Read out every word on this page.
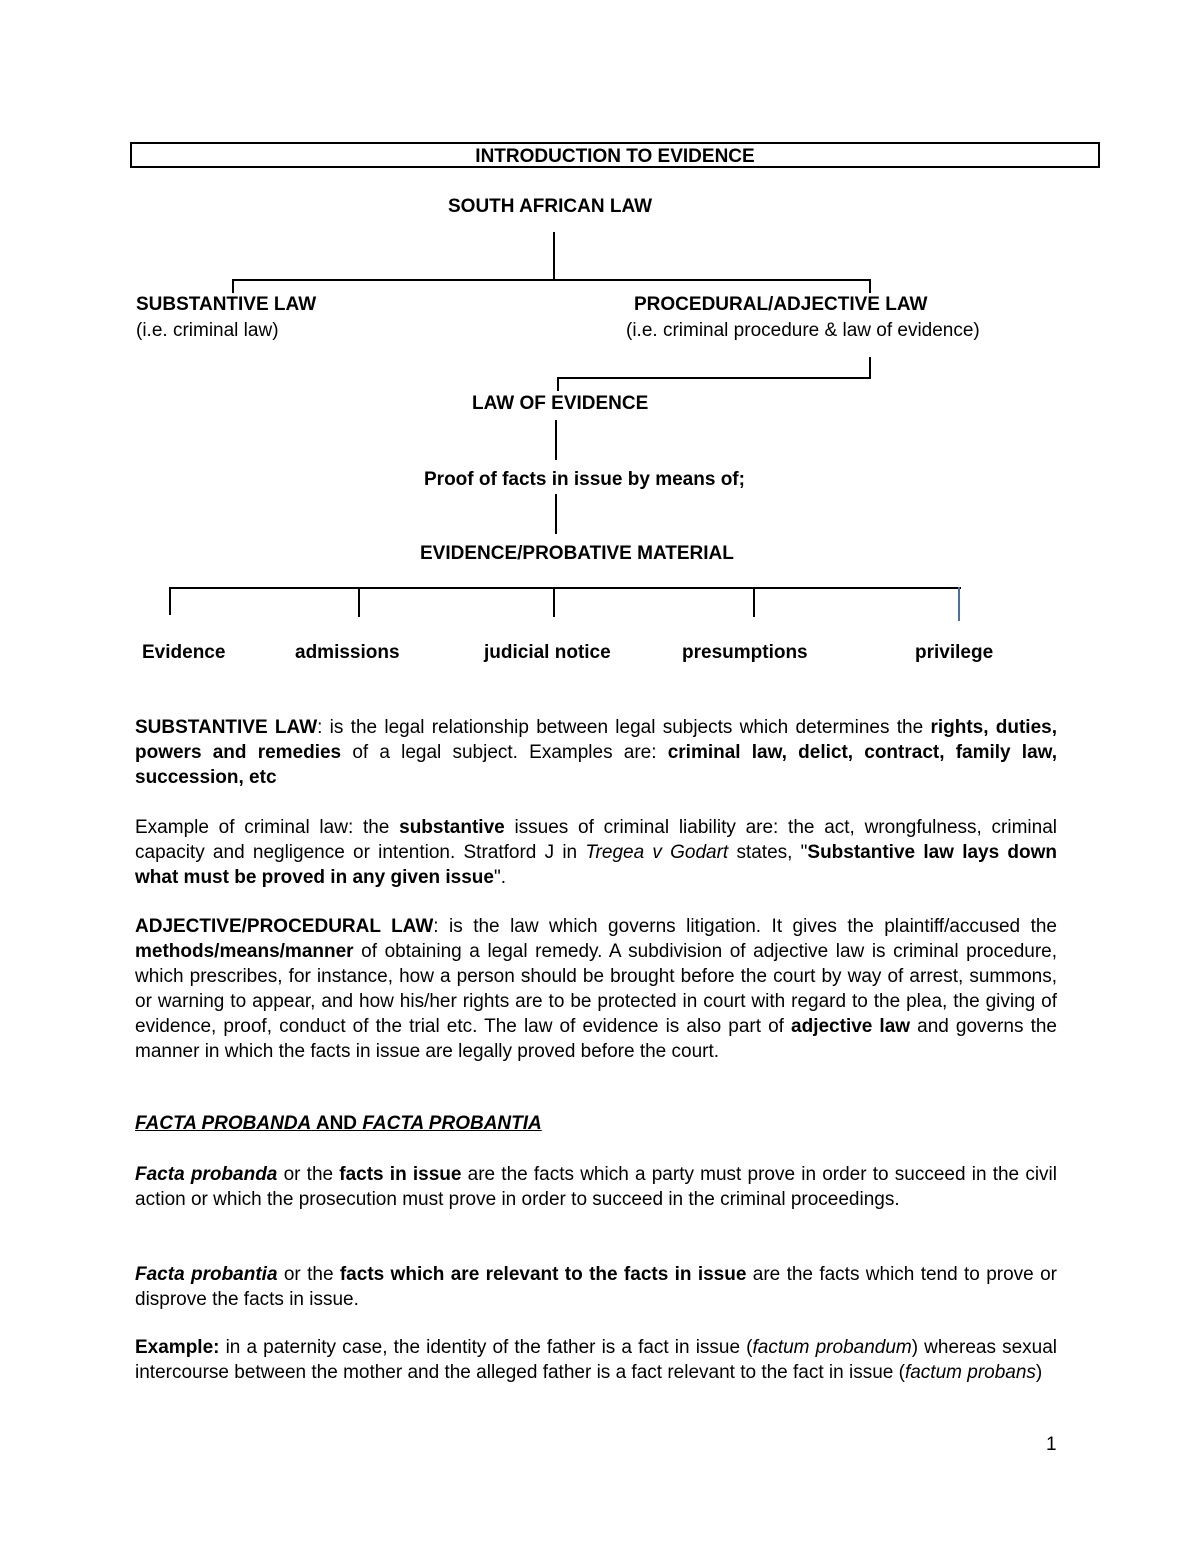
INTRODUCTION TO EVIDENCE
SOUTH AFRICAN LAW
SUBSTANTIVE LAW
(i.e. criminal law)
PROCEDURAL/ADJECTIVE LAW
(i.e. criminal procedure & law of evidence)
LAW OF EVIDENCE
Proof of facts in issue by means of;
EVIDENCE/PROBATIVE MATERIAL
Evidence	admissions	judicial notice	presumptions	privilege

SUBSTANTIVE LAW: is the legal relationship between legal subjects which determines the rights, duties, powers and remedies of a legal subject. Examples are: criminal law, delict, contract, family law, succession, etc

Example of criminal law: the substantive issues of criminal liability are: the act, wrongfulness, criminal capacity and negligence or intention. Stratford J in Tregea v Godart states, "Substantive law lays down what must be proved in any given issue".

ADJECTIVE/PROCEDURAL LAW: is the law which governs litigation. It gives the plaintiff/accused the methods/means/manner of obtaining a legal remedy. A subdivision of adjective law is criminal procedure, which prescribes, for instance, how a person should be brought before the court by way of arrest, summons, or warning to appear, and how his/her rights are to be protected in court with regard to the plea, the giving of evidence, proof, conduct of the trial etc. The law of evidence is also part of adjective law and governs the manner in which the facts in issue are legally proved before the court.

FACTA PROBANDA AND FACTA PROBANTIA

Facta probanda or the facts in issue are the facts which a party must prove in order to succeed in the civil action or which the prosecution must prove in order to succeed in the criminal proceedings.

Facta probantia or the facts which are relevant to the facts in issue are the facts which tend to prove or disprove the facts in issue.

Example: in a paternity case, the identity of the father is a fact in issue (factum probandum) whereas sexual intercourse between the mother and the alleged father is a fact relevant to the fact in issue (factum probans)

1
